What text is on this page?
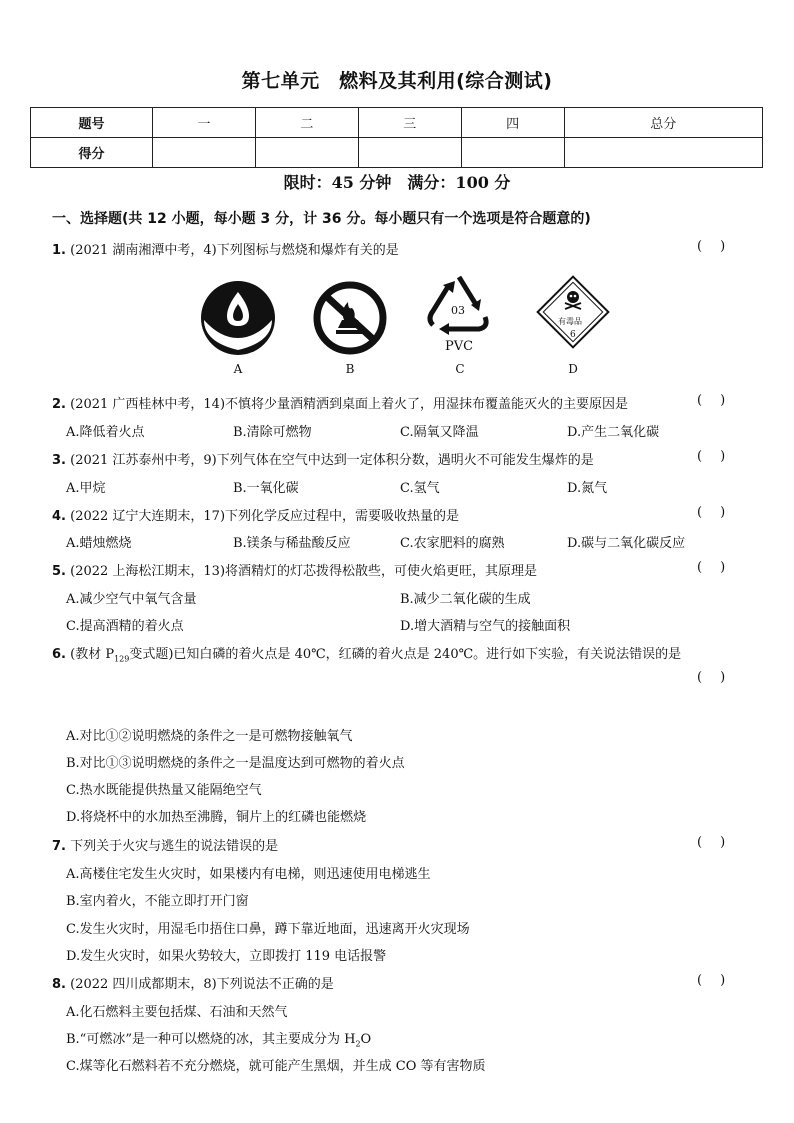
第七单元　燃料及其利用(综合测试)
题号	一	二	三	四	总分
得分					
限时：45 分钟　满分：100 分
一、选择题(共 12 小题，每小题 3 分，计 36 分。每小题只有一个选项是符合题意的)
1. (2021 湖南湘潭中考，4)下列图标与燃烧和爆炸有关的是	()
A	B
03
PVC
C
有毒品
6
D
2. (2021 广西桂林中考，14)不慎将少量酒精洒到桌面上着火了，用湿抹布覆盖能灭火的主要原因是	()
A.降低着火点	B.清除可燃物	C.隔氧又降温	D.产生二氧化碳
3. (2021 江苏泰州中考，9)下列气体在空气中达到一定体积分数，遇明火不可能发生爆炸的是	()
A.甲烷	B.一氧化碳	C.氢气	D.氮气
4. (2022 辽宁大连期末，17)下列化学反应过程中，需要吸收热量的是	()
A.蜡烛燃烧	B.镁条与稀盐酸反应	C.农家肥料的腐熟	D.碳与二氧化碳反应
5. (2022 上海松江期末，13)将酒精灯的灯芯拨得松散些，可使火焰更旺，其原理是	()
A.减少空气中氧气含量	B.减少二氧化碳的生成
C.提高酒精的着火点	D.增大酒精与空气的接触面积
6. (教材 $P_{129}$变式题)已知白磷的着火点是 40℃，红磷的着火点是 240℃。进行如下实验，有关说法错误的是
()
A.对比①②说明燃烧的条件之一是可燃物接触氧气
B.对比①③说明燃烧的条件之一是温度达到可燃物的着火点
C.热水既能提供热量又能隔绝空气
D.将烧杯中的水加热至沸腾，铜片上的红磷也能燃烧
7. 下列关于火灾与逃生的说法错误的是	()
A.高楼住宅发生火灾时，如果楼内有电梯，则迅速使用电梯逃生
B.室内着火，不能立即打开门窗
C.发生火灾时，用湿毛巾捂住口鼻，蹲下靠近地面，迅速离开火灾现场
D.发生火灾时，如果火势较大，立即拨打 119 电话报警
8. (2022 四川成都期末，8)下列说法不正确的是	()
A.化石燃料主要包括煤、石油和天然气
B.“可燃冰”是一种可以燃烧的冰，其主要成分为 $H_2O$
C.煤等化石燃料若不充分燃烧，就可能产生黑烟，并生成 CO 等有害物质
